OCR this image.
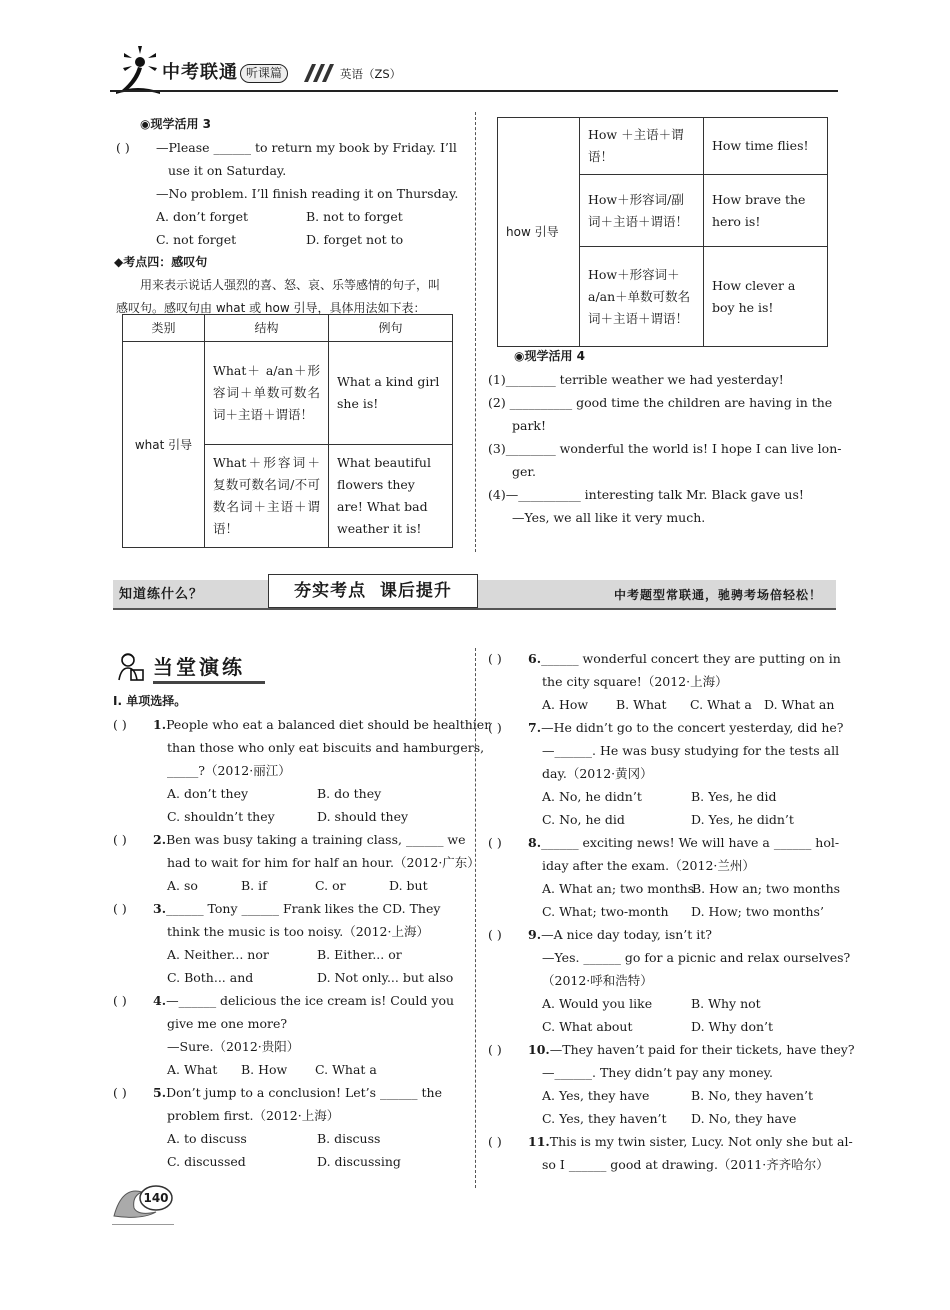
中考联通 听课篇	英语（ZS）
◉现学活用 3
( ) —Please ______ to return my book by Friday. I’ll
use it on Saturday.
—No problem. I’ll finish reading it on Thursday.
A. don’t forget	B. not to forget
C. not forget	D. forget not to
◆考点四：感叹句
用来表示说话人强烈的喜、怒、哀、乐等感情的句子，叫
感叹句。感叹句由 what 或 how 引导，具体用法如下表：
类别	结构	例句
what 引导	What＋ a/an＋形容词＋单数可数名词＋主语＋谓语！	What a kind girl she is!
	What＋形容词＋复数可数名词/不可数名词＋主语＋谓语！	What beautiful flowers they are! What bad weather it is!
how 引导	How ＋主语＋谓语！	How time flies!
	How＋形容词/副词＋主语＋谓语！	How brave the hero is!
	How＋形容词＋a/an＋单数可数名词＋主语＋谓语！	How clever a boy he is!
◉现学活用 4
(1)________ terrible weather we had yesterday!
(2) __________ good time the children are having in the
park!
(3)________ wonderful the world is! I hope I can live lon-
ger.
(4)—__________ interesting talk Mr. Black gave us!
—Yes, we all like it very much.
知道练什么？	夯实考点  课后提升	中考题型常联通，驰骋考场倍轻松！
当堂演练
Ⅰ. 单项选择。
( ) 1.People who eat a balanced diet should be healthier
than those who only eat biscuits and hamburgers,
_____?（2012·丽江）
A. don’t they	B. do they
C. shouldn’t they	D. should they
( ) 2.Ben was busy taking a training class, ______ we
had to wait for him for half an hour.（2012·广东）
A. so	B. if	C. or	D. but
( ) 3.______ Tony ______ Frank likes the CD. They
think the music is too noisy.（2012·上海）
A. Neither... nor	B. Either... or
C. Both... and	D. Not only... but also
( ) 4.—______ delicious the ice cream is! Could you
give me one more?
—Sure.（2012·贵阳）
A. What	B. How	C. What a
( ) 5.Don’t jump to a conclusion! Let’s ______ the
problem first.（2012·上海）
A. to discuss	B. discuss
C. discussed	D. discussing
( ) 6.______ wonderful concert they are putting on in
the city square!（2012·上海）
A. How	B. What	C. What a D. What an
( ) 7.—He didn’t go to the concert yesterday, did he?
—______. He was busy studying for the tests all
day.（2012·黄冈）
A. No, he didn’t	B. Yes, he did
C. No, he did	D. Yes, he didn’t
( ) 8.______ exciting news! We will have a ______ hol-
iday after the exam.（2012·兰州）
A. What an; two months
B. How an; two months
C. What; two-month	D. How; two months’
( ) 9.—A nice day today, isn’t it?
—Yes. ______ go for a picnic and relax ourselves?
（2012·呼和浩特）
A. Would you like	B. Why not
C. What about	D. Why don’t
( ) 10.—They haven’t paid for their tickets, have they?
—______. They didn’t pay any money.
A. Yes, they have	B. No, they haven’t
C. Yes, they haven’t	D. No, they have
( ) 11.This is my twin sister, Lucy. Not only she but al-
so I ______ good at drawing.（2011·齐齐哈尔）
140
